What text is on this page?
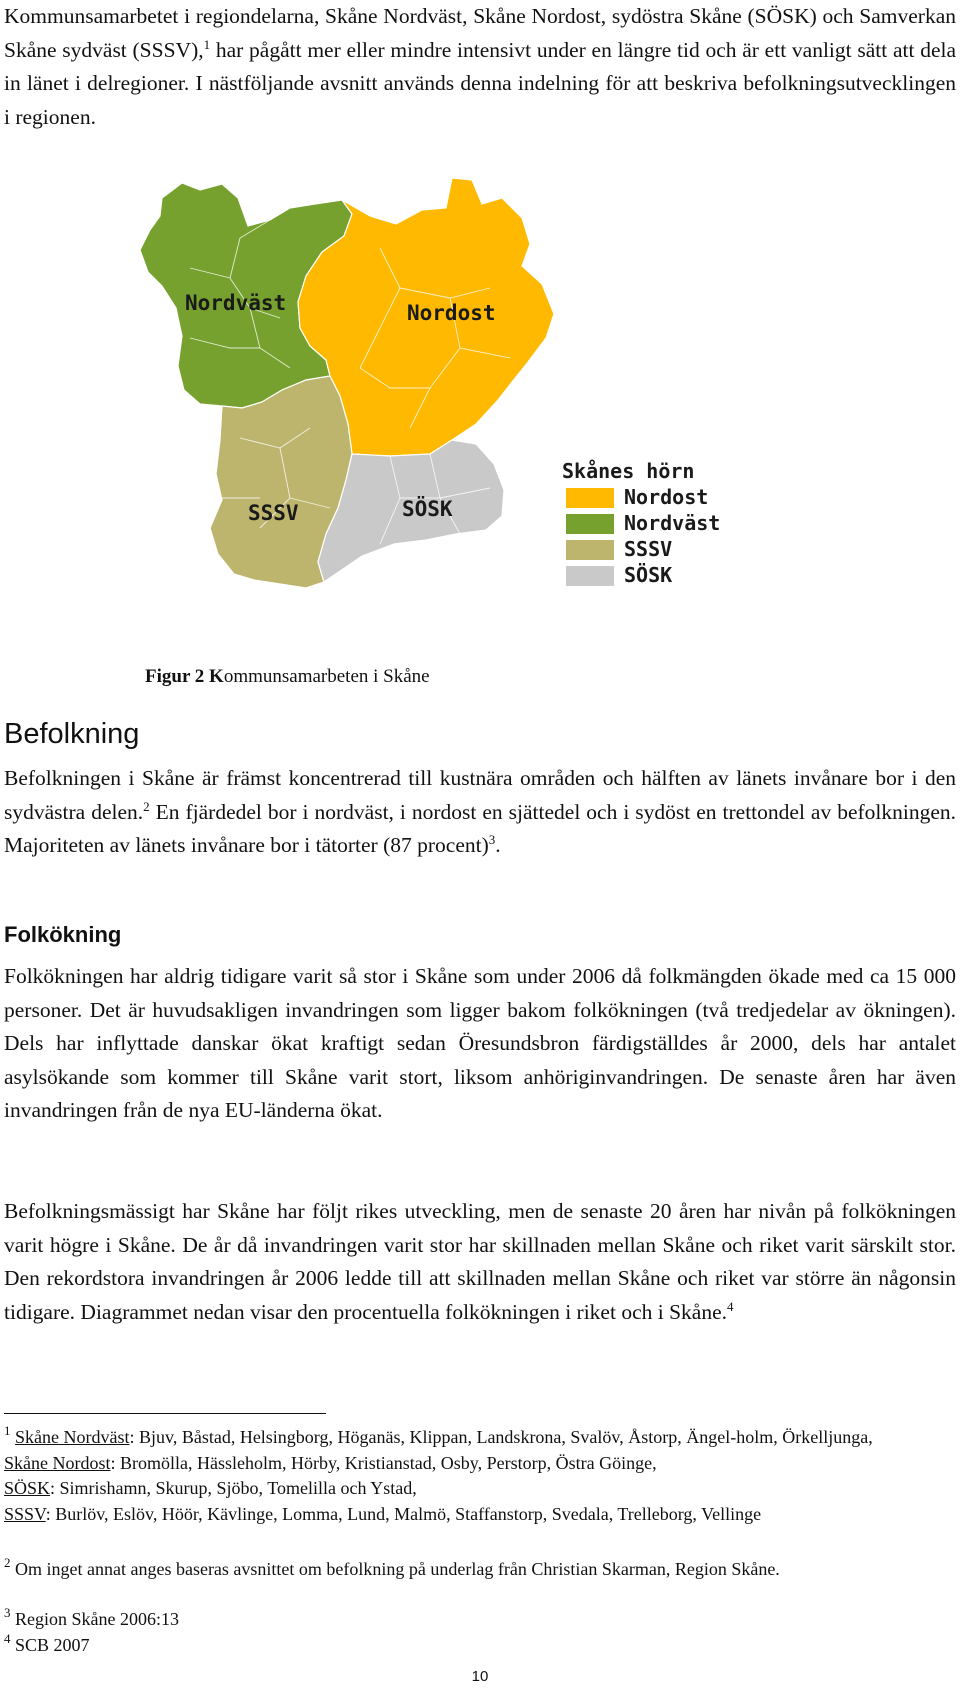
Kommunsamarbetet i regiondelarna, Skåne Nordväst, Skåne Nordost, sydöstra Skåne (SÖSK) och Samverkan Skåne sydväst (SSSV),$^1$ har pågått mer eller mindre intensivt under en längre tid och är ett vanligt sätt att dela in länet i delregioner. I nästföljande avsnitt används denna indelning för att beskriva befolkningsutvecklingen i regionen.

Nordväst	Nordost
SSSV	SÖSK
Skånes hörn
Nordost
Nordväst
SSSV
SÖSK
Figur 2 Kommunsamarbeten i Skåne
Befolkning

Befolkningen i Skåne är främst koncentrerad till kustnära områden och hälften av länets invånare bor i den sydvästra delen.$^2$ En fjärdedel bor i nordväst, i nordost en sjättedel och i sydöst en trettondel av befolkningen. Majoriteten av länets invånare bor i tätorter (87 procent)$^3$.

Folkökning

Folkökningen har aldrig tidigare varit så stor i Skåne som under 2006 då folkmängden ökade med ca 15 000 personer. Det är huvudsakligen invandringen som ligger bakom folkökningen (två tredjedelar av ökningen). Dels har inflyttade danskar ökat kraftigt sedan Öresundsbron färdigställdes år 2000, dels har antalet asylsökande som kommer till Skåne varit stort, liksom anhöriginvandringen. De senaste åren har även invandringen från de nya EU-länderna ökat.

Befolkningsmässigt har Skåne har följt rikes utveckling, men de senaste 20 åren har nivån på folkökningen varit högre i Skåne. De år då invandringen varit stor har skillnaden mellan Skåne och riket varit särskilt stor. Den rekordstora invandringen år 2006 ledde till att skillnaden mellan Skåne och riket var större än någonsin tidigare. Diagrammet nedan visar den procentuella folkökningen i riket och i Skåne.$^4$

$^1$ Skåne Nordväst: Bjuv, Båstad, Helsingborg, Höganäs, Klippan, Landskrona, Svalöv, Åstorp, Ängel-holm, Örkelljunga,
Skåne Nordost: Bromölla, Hässleholm, Hörby, Kristianstad, Osby, Perstorp, Östra Göinge,
SÖSK: Simrishamn, Skurup, Sjöbo, Tomelilla och Ystad,
SSSV: Burlöv, Eslöv, Höör, Kävlinge, Lomma, Lund, Malmö, Staffanstorp, Svedala, Trelleborg, Vellinge

$^2$ Om inget annat anges baseras avsnittet om befolkning på underlag från Christian Skarman, Region Skåne.

$^3$ Region Skåne 2006:13

$^4$ SCB 2007

10
